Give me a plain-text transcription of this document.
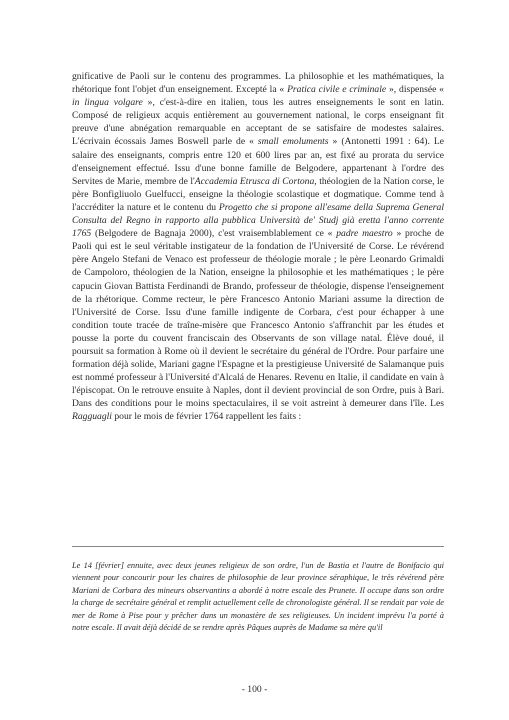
gnificative de Paoli sur le contenu des programmes. La philosophie et les mathématiques, la rhétorique font l'objet d'un enseignement. Excepté la « Pratica civile e criminale », dispensée « in lingua volgare », c'est-à-dire en italien, tous les autres enseignements le sont en latin. Composé de religieux acquis entièrement au gouvernement national, le corps enseignant fit preuve d'une abnégation remarquable en acceptant de se satisfaire de modestes salaires. L'écrivain écossais James Boswell parle de « small emoluments » (Antonetti 1991 : 64). Le salaire des enseignants, compris entre 120 et 600 lires par an, est fixé au prorata du service d'enseignement effectué. Issu d'une bonne famille de Belgodere, appartenant à l'ordre des Servites de Marie, membre de l'Accademia Etrusca di Cortona, théologien de la Nation corse, le père Bonfigliuolo Guelfucci, enseigne la théologie scolastique et dogmatique. Comme tend à l'accréditer la nature et le contenu du Progetto che si propone all'esame della Suprema General Consulta del Regno in rapporto alla pubblica Università de' Studj già eretta l'anno corrente 1765 (Belgodere de Bagnaja 2000), c'est vraisemblablement ce « padre maestro » proche de Paoli qui est le seul véritable instigateur de la fondation de l'Université de Corse. Le révérend père Angelo Stefani de Venaco est professeur de théologie morale ; le père Leonardo Grimaldi de Campoloro, théologien de la Nation, enseigne la philosophie et les mathématiques ; le père capucin Giovan Battista Ferdinandi de Brando, professeur de théologie, dispense l'enseignement de la rhétorique. Comme recteur, le père Francesco Antonio Mariani assume la direction de l'Université de Corse. Issu d'une famille indigente de Corbara, c'est pour échapper à une condition toute tracée de traîne-misère que Francesco Antonio s'affranchit par les études et pousse la porte du couvent franciscain des Observants de son village natal. Élève doué, il poursuit sa formation à Rome où il devient le secrétaire du général de l'Ordre. Pour parfaire une formation déjà solide, Mariani gagne l'Espagne et la prestigieuse Université de Salamanque puis est nommé professeur à l'Université d'Alcalá de Henares. Revenu en Italie, il candidate en vain à l'épiscopat. On le retrouve ensuite à Naples, dont il devient provincial de son Ordre, puis à Bari. Dans des conditions pour le moins spectaculaires, il se voit astreint à demeurer dans l'île. Les Ragguagli pour le mois de février 1764 rappellent les faits :

Le 14 [février] ennuite, avec deux jeunes religieux de son ordre, l'un de Bastia et l'autre de Bonifacio qui viennent pour concourir pour les chaires de philosophie de leur province séraphique, le très révérend père Mariani de Corbara des mineurs observantins a abordé à notre escale des Prunete. Il occupe dans son ordre la charge de secrétaire général et remplit actuellement celle de chronologiste général. Il se rendait par voie de mer de Rome à Pise pour y prêcher dans un monastère de ses religieuses. Un incident imprévu l'a porté à notre escale. Il avait déjà décidé de se rendre après Pâques auprès de Madame sa mère qu'il

- 100 -
